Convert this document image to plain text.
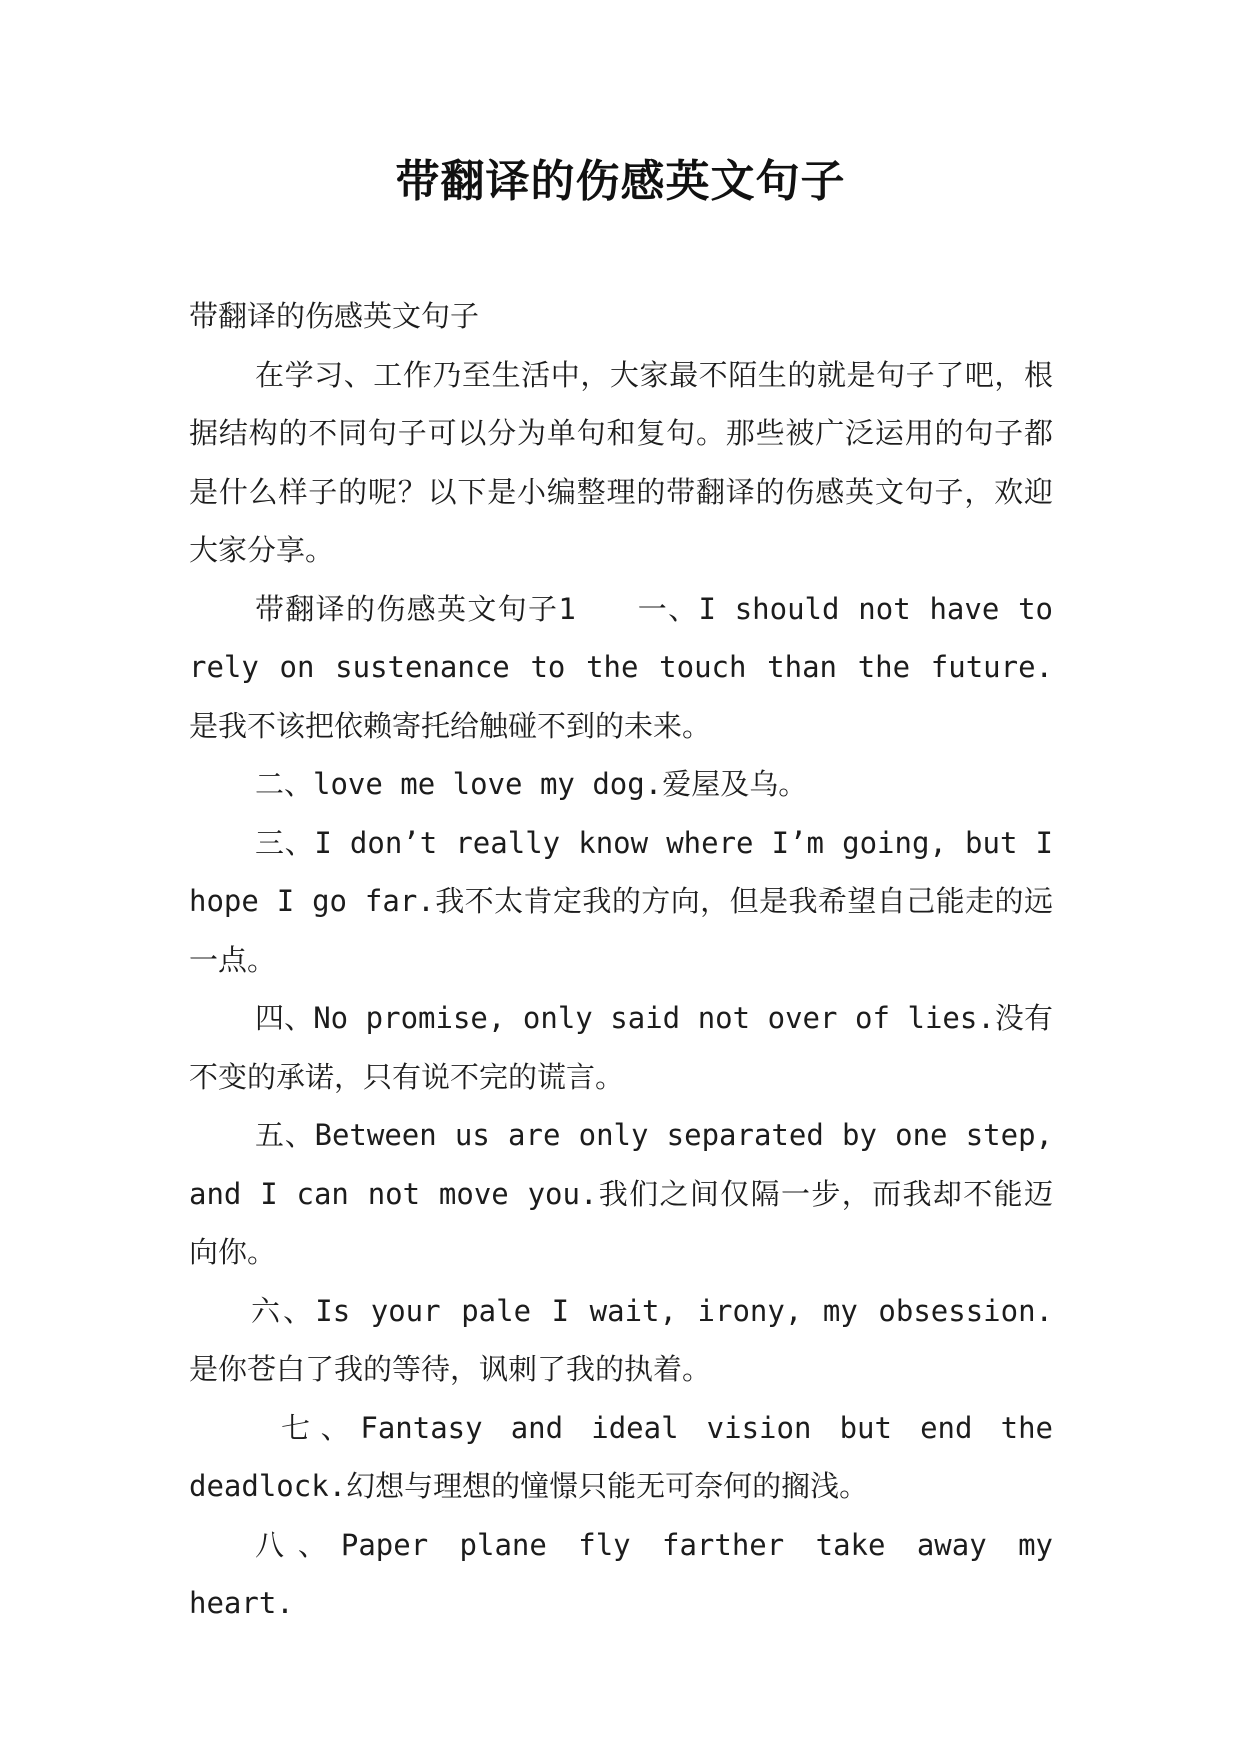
带翻译的伤感英文句子

带翻译的伤感英文句子

在学习、工作乃至生活中，大家最不陌生的就是句子了吧，根据结构的不同句子可以分为单句和复句。那些被广泛运用的句子都是什么样子的呢？以下是小编整理的带翻译的伤感英文句子，欢迎大家分享。

带翻译的伤感英文句子1　　一、I should not have to rely on sustenance to the touch than the future.是我不该把依赖寄托给触碰不到的未来。

二、love me love my dog.爱屋及乌。

三、I don’t really know where I’m going, but I hope I go far.我不太肯定我的方向，但是我希望自己能走的远一点。

四、No promise, only said not over of lies.没有不变的承诺，只有说不完的谎言。

五、Between us are only separated by one step, and I can not move you.我们之间仅隔一步，而我却不能迈向你。

六、Is your pale I wait, irony, my obsession. 是你苍白了我的等待，讽刺了我的执着。

七、Fantasy and ideal vision but end the deadlock.幻想与理想的憧憬只能无可奈何的搁浅。

八、Paper plane fly farther take away my heart.
